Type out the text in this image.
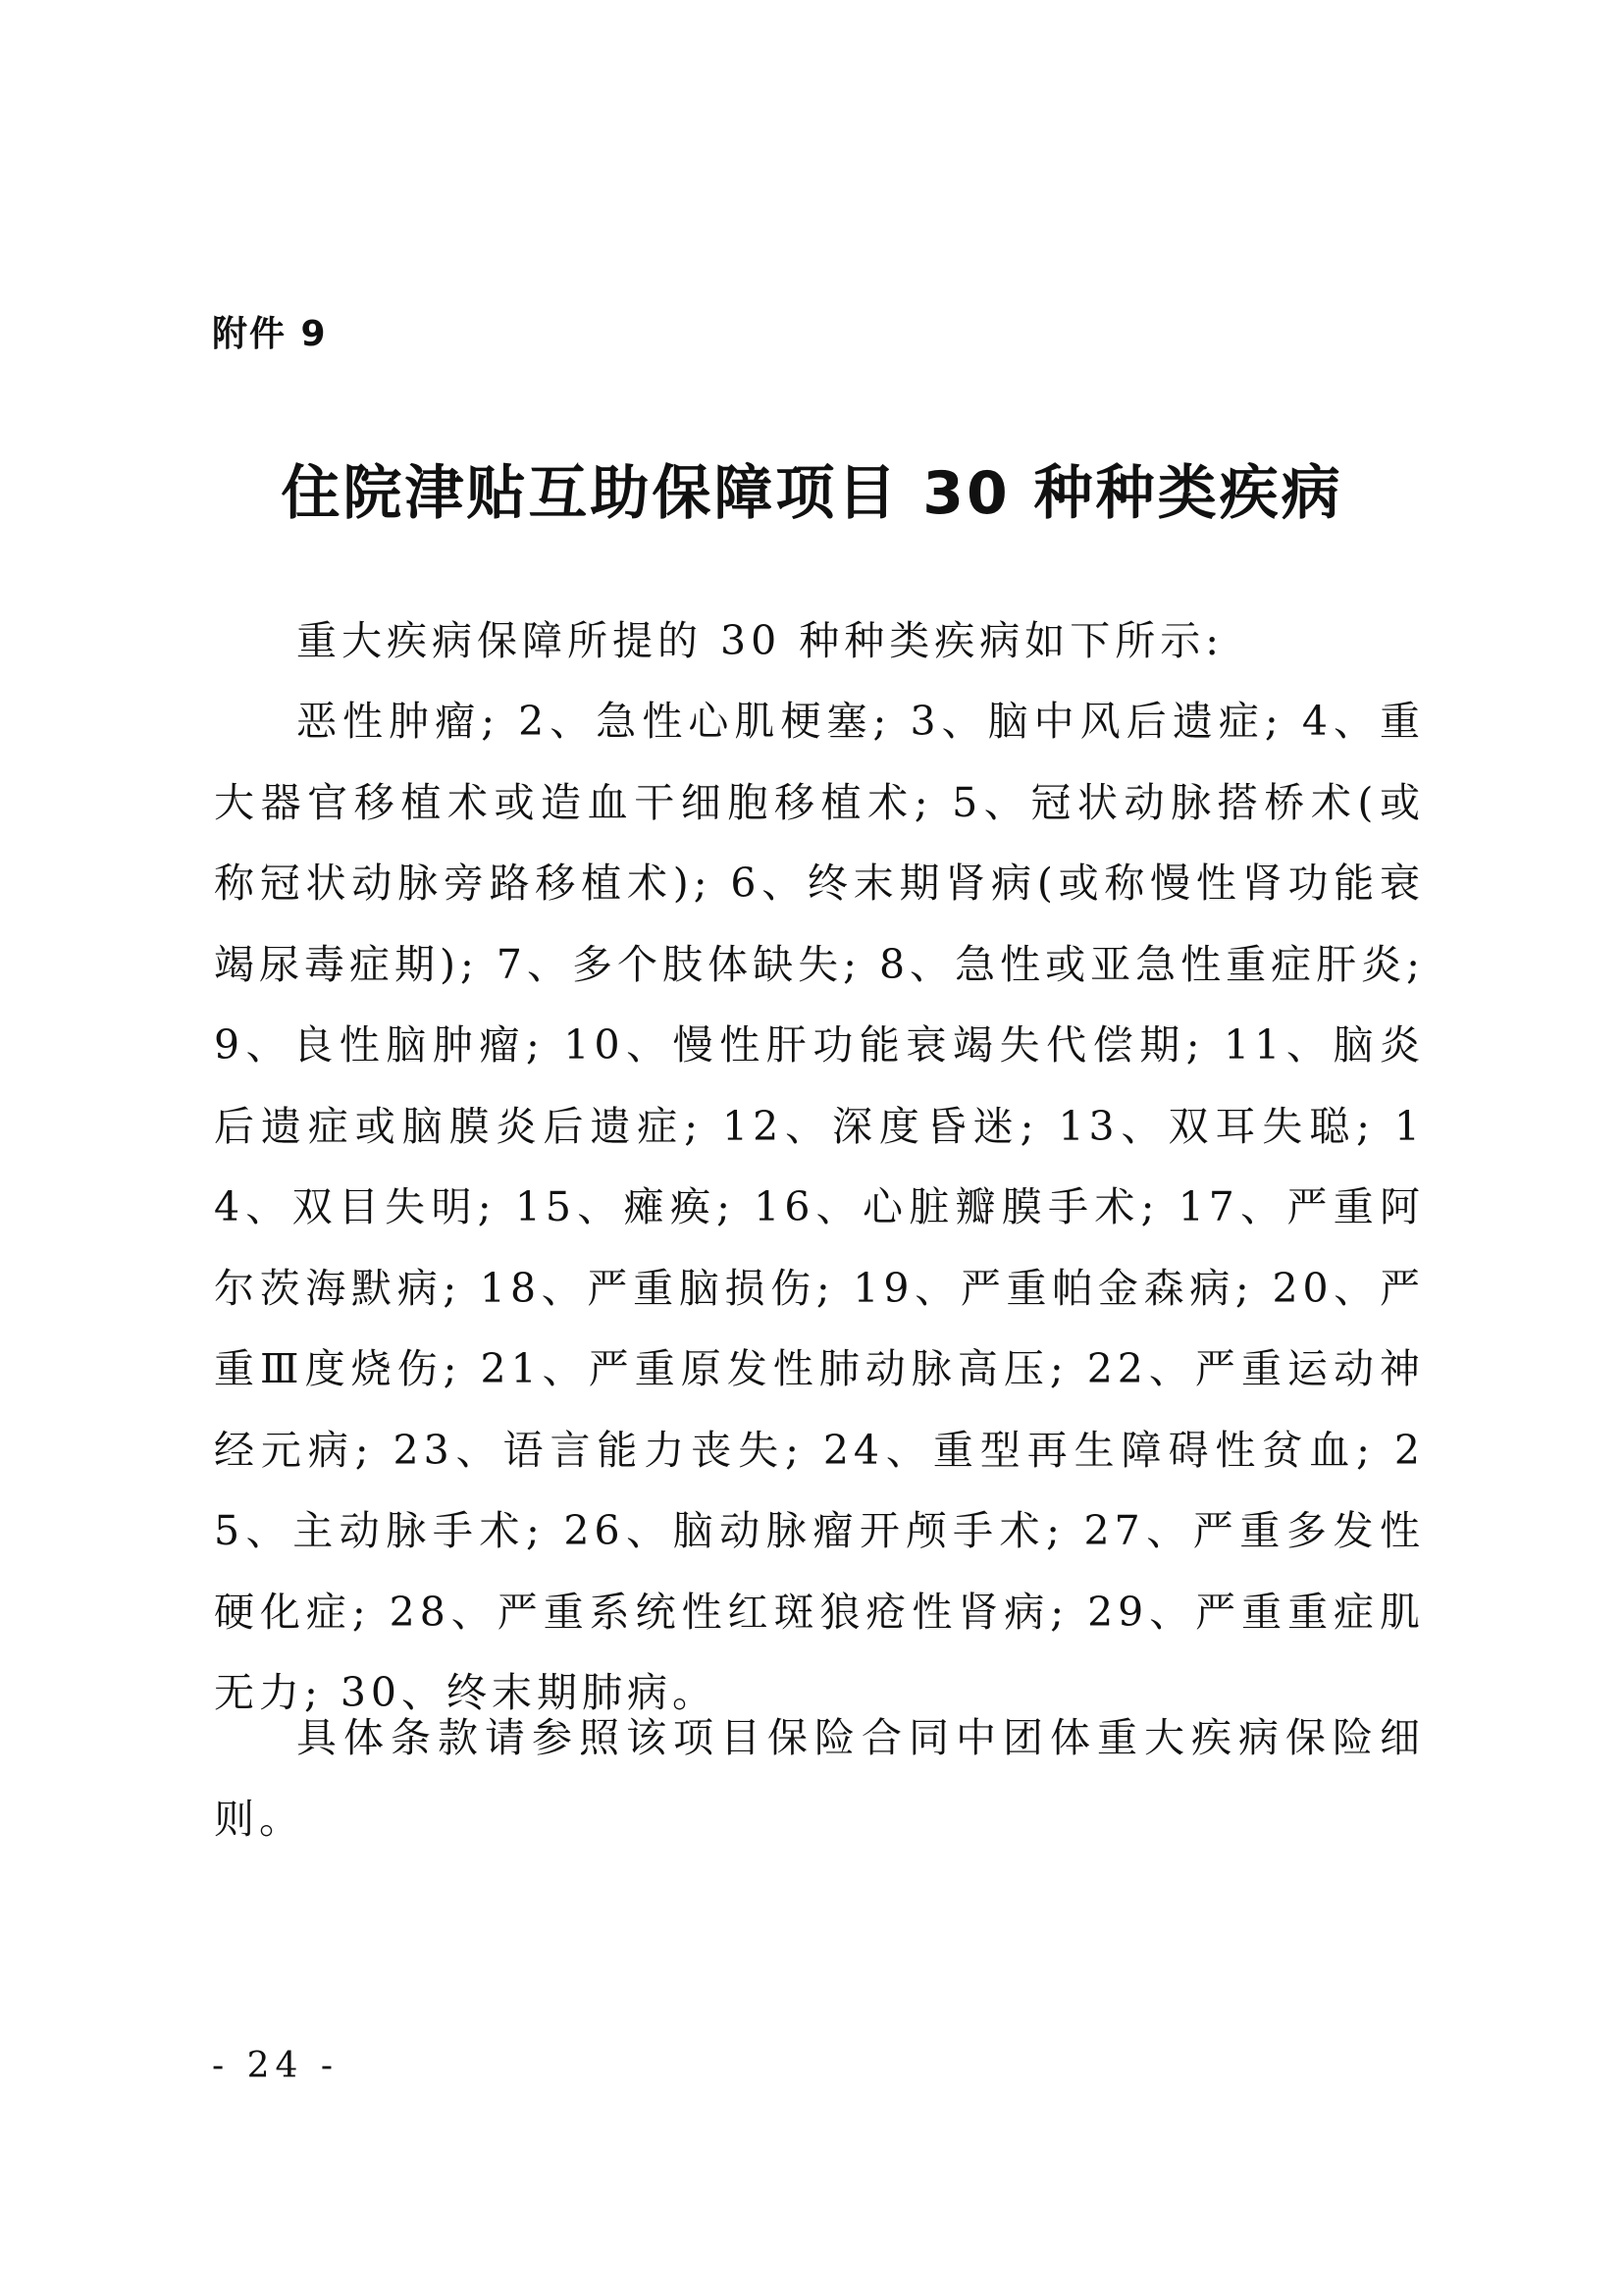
附件 9
住院津贴互助保障项目 30 种种类疾病

重大疾病保障所提的 30 种种类疾病如下所示:

恶性肿瘤; 2、急性心肌梗塞; 3、脑中风后遗症; 4、重大器官移植术或造血干细胞移植术; 5、冠状动脉搭桥术(或称冠状动脉旁路移植术); 6、终末期肾病(或称慢性肾功能衰竭尿毒症期); 7、多个肢体缺失; 8、急性或亚急性重症肝炎; 9、良性脑肿瘤; 10、慢性肝功能衰竭失代偿期; 11、脑炎后遗症或脑膜炎后遗症; 12、深度昏迷; 13、双耳失聪; 14、双目失明; 15、瘫痪; 16、心脏瓣膜手术; 17、严重阿尔茨海默病; 18、严重脑损伤; 19、严重帕金森病; 20、严重Ⅲ度烧伤; 21、严重原发性肺动脉高压; 22、严重运动神经元病; 23、语言能力丧失; 24、重型再生障碍性贫血; 25、主动脉手术; 26、脑动脉瘤开颅手术; 27、严重多发性硬化症; 28、严重系统性红斑狼疮性肾病; 29、严重重症肌无力; 30、终末期肺病。

具体条款请参照该项目保险合同中团体重大疾病保险细则。

- 24 -
